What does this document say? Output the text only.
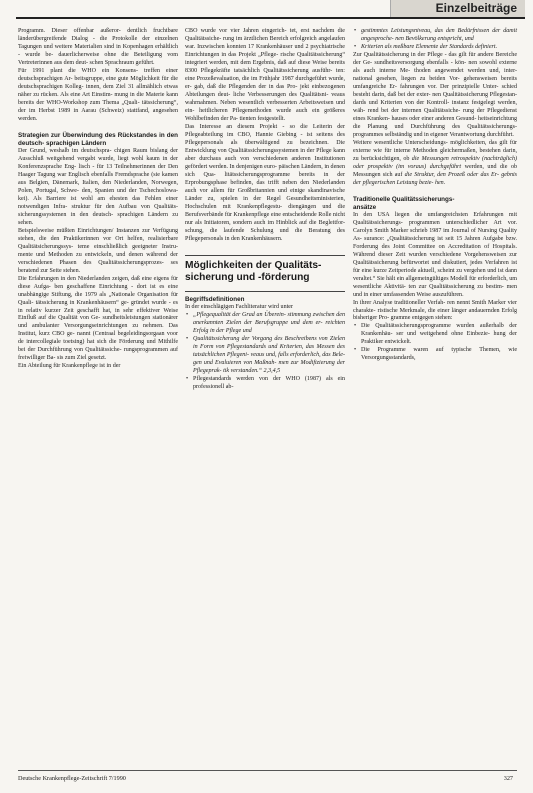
Einzelbeiträge

Programm. Dieser offenbar außeror- dentlich fruchtbare länderübergreifende Dialog - die Protokolle der einzelnen Tagungen und weitere Materialien sind in Kopenhagen erhältlich - wurde be- dauerlicherweise ohne die Beteiligung vom Vertreterinnen aus dem deut- schen Sprachraum geführt.

Für 1991 plant die WHO ein Konsens- treffen einer deutschsprachigen Ar- beitsgruppe, eine gute Möglichkeit für die deutschsprachigen Kolleg- innen, dem Ziel 31 allmählich etwas näher zu rücken. Als eine Art Einstim- mung in die Materie kann bereits der WHO-Workshop zum Thema „Quali- tätssicherung“, der im Herbst 1989 in Aarau (Schweiz) stattfand, angesehen werden.

Strategien zur Überwindung des Rückstandes in den deutsch- sprachigen Ländern

Der Grund, weshalb im deutschspra- chigen Raum bislang der Ausschluß weitgehend vergabt wurde, liegt wohl kaum in der Konferenzsprache Eng- lisch - für 13 Teilnehmerinnen der Den Haager Tagung war Englisch ebenfalls Fremdsprache (sie kamen aus Belgien, Dänemark, Italien, den Niederlanden, Norwegen, Polen, Portugal, Schwe- den, Spanien und der Tschechoslowa- kei). Als Barriere ist wohl am ehesten das Fehlen einer notwendigen Infra- struktur für den Aufbau von Qualitäts- sicherungssystemen in den deutsch- sprachigen Ländern zu sehen.

Beispielsweise müßten Einrichtungen/ Instanzen zur Verfügung stehen, die den Praktikerinnen vor Ort helfen, realisierbare Qualitätsicherungssys- teme einschließlich geeigneter Instru- mente und Methoden zu entwickeln, und denen während der verschiedenen Phasen des Qualitätssicherungsprozes- ses beratend zur Seite stehen.

Die Erfahrungen in den Niederlanden zeigen, daß eine eigens für diese Aufga- ben geschaffene Einrichtung - dort ist es eine unabhängige Stiftung, die 1979 als „Nationale Organisation für Quali- tätssicherung in Krankenhäusern“ ge- gründet wurde - es in relativ kurzer Zeit geschafft hat, in sehr effektiver Weise Einfluß auf die Qualität von Ge- sundheitsleistungen stationärer und ambulanter Versorgungseinrichtungen zu nehmen. Das Institut, kurz CBO ge- nannt (Centraal begeleidingsorgaan voor de intercollegiale toetsing) hat sich die Förderung und Mithilfe bei der Durchführung von Qualitätssiche- rungsprogrammen auf freiwilliger Ba- sis zum Ziel gesetzt.

Ein Abteilung für Krankenpflege ist in der

CBO wurde vor vier Jahren eingerich- tet, erst nachdem die Qualitätssiche- rung im ärztlichen Bereich erfolgreich angelaufen war. Inzwischen konnten 17 Krankenhäuser und 2 psychiatrische Einrichtungen in das Projekt „Pflege- rische Qualitätssicherung“ integriert werden, mit dem Ergebnis, daß auf diese Weise bereits 8300 Pflegekräfte tatsächlich Qualitätssicherung ausführ- ten: eine Prozeßevaluation, die im Frühjahr 1987 durchgeführt wurde, er- gab, daß die Pflegenden der in das Pro- jekt einbezogenen Abteilungen deut- liche Verbesserungen des Qualitätsni- veaus wahrnahmen. Neben wesentlich verbesserten Arbeitsweisen und ein- heitlicheren Pflegemethoden wurde auch ein größeres Wohlbefinden der Pa- tienten festgestellt.

Das Interesse an diesem Projekt - so die Leiterin der Pflegeabteilung im CBO, Hannie Giebing - ist seitens des Pflegepersonals als überwältigend zu bezeichnen. Die Entwicklung von Qualitätssicherungssystemen in der Pflege kann aber durchaus auch von verschiedenen anderen Institutionen gefördert werden. In denjenigen euro- päischen Ländern, in denen sich Qua- litätssicherungsprogramme bereits in der Erprobungsphase befinden, das trifft neben den Niederlanden auch vor allem für Großbritannien und einige skandinavische Länder zu, spielen in der Regel Gesundheitsministerien, Hochschulen mit Krankenpflegestu- diengängen und die Berufsverbände für Krankenpflege eine entscheidende Rolle nicht nur als Initiatoren, sondern auch im Hinblick auf die Begleitfor- schung, die laufende Schulung und die Beratung des Pflegepersonals in den Krankenhäusern.

Möglichkeiten der Qualitäts-
sicherung und -förderung

Begriffsdefinitionen

In der einschlägigen Fachliteratur wird unter

• „Pflegequalität der Grad an Überein- stimmung zwischen den anerkannten Zielen der Berufsgruppe und dem er- reichten Erfolg in der Pflege und
• Qualitätssicherung der Vorgang des Beschreibens von Zielen in Form von Pflegestandards und Kriterien, das Messen des tatsächlichen Pflegeni- veaus und, falls erforderlich, das Bele- gen und Evaluieren von Maßnah- men zur Modifizierung der Pflegeprak- tik verstanden.“ 2,3,4,5
• Pflegestandards werden von der WHO (1987) als ein professionell ab-
• gestimmtes Leistungsniveau, das den Bedürfnissen der damit angesproche- nen Bevölkerung entspricht, und
• Kriterien als meßbare Elemente der Standards definiert.

Zur Qualitätssicherung in der Pflege - das gilt für andere Bereiche der Ge- sundheitsversorgung ebenfalls - kön- nen sowohl externe als auch interne Me- thoden angewendet werden und, inter- national gesehen, liegen zu beiden Vor- gehensweisen bereits umfangreiche Er- fahrungen vor. Der prinzipielle Unter- schied besteht darin, daß bei der exter- nen Qualitätssicherung Pflegestan- dards und Kriterien von der Kontroll- instanz festgelegt werden, wäh- rend bei der internen Qualitätssiche- rung der Pflegedienst eines Kranken- hauses oder einer anderen Gesund- heitseinrichtung die Planung und Durchführung des Qualitätssicherungs- programmes selbständig und in eigener Verantwortung durchführt.

Weitere wesentliche Unterscheidungs- möglichkeiten, das gilt für externe wie für interne Methoden gleichermaßen, bestehen darin, zu berücksichtigen, ob die Messungen retrospektiv (nachträglich) oder prospektiv (im voraus) durchgeführt werden, und die ob Messungen sich auf die Struktur, den Prozeß oder das Er- gebnis der pflegerischen Leistung bezie- hen.

Traditionelle Qualitätssicherungs-
ansätze

In den USA liegen die umfangreichsten Erfahrungen mit Qualitätssicherungs- programmen unterschiedlicher Art vor. Carolyn Smith Marker schrieb 1987 im Journal of Nursing Quality As- surance: „Qualitätssicherung ist seit 15 Jahren Aufgabe bzw. Forderung des Joint Committee on Accreditation of Hospitals. Während dieser Zeit wurden verschiedene Vorgehensweisen zur Qualitätssicherung befürwortet und diskutiert, jedes Verfahren ist für eine kurze Zeitperiode aktuell, scheint zu vergehen und ist dann veraltet.“ Sie hält ein allgemeingültiges Modell für erforderlich, um wesentliche Aktivitä- ten zur Qualitätssicherung zu bestim- men und in einer umfassenden Weise auszuführen.

In ihrer Analyse traditioneller Verfah- ren nennt Smith Marker vier charakte- ristische Merkmale, die einer länger andauernden Erfolg bisheriger Pro- gramme entgegen stehen:

• Die Qualitätssicherungsprogramme wurden außerhalb der Krankenhäu- ser und weitgehend ohne Einbezie- hung der Praktiker entwickelt.
• Die Programme waren auf typische Themen, wie Versorgungsstandards,
Deutsche Krankenpflege-Zeitschrift 7/1990	327
